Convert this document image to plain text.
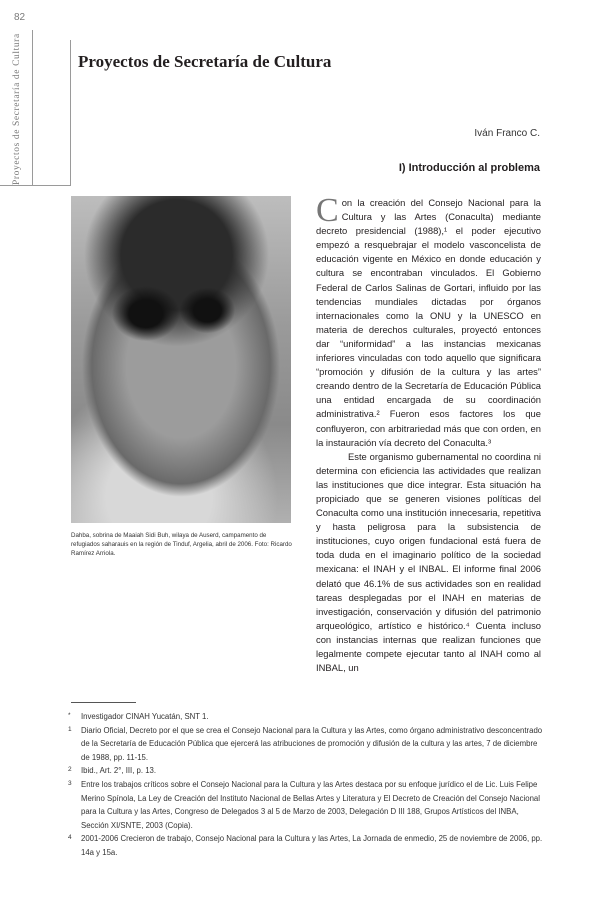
82
Proyectos de Secretaría de Cultura	Proyectos de Secretaría de Cultura
Iván Franco C.
I) Introducción al problema
Dahba, sobrina de Maaiah Sidi Buh, wilaya de Auserd, campamento de refugiados saharauis en la región de Tinduf, Argelia, abril de 2006. Foto: Ricardo Ramírez Arriola.

Con la creación del Consejo Nacional para la Cultura y las Artes (Conaculta) mediante decreto presidencial (1988),¹ el poder ejecutivo empezó a resquebrajar el modelo vasconcelista de educación vigente en México en donde educación y cultura se encontraban vinculados. El Gobierno Federal de Carlos Salinas de Gortari, influido por las tendencias mundiales dictadas por órganos internacionales como la ONU y la UNESCO en materia de derechos culturales, proyectó entonces dar “uniformidad” a las instancias mexicanas inferiores vinculadas con todo aquello que significara “promoción y difusión de la cultura y las artes” creando dentro de la Secretaría de Educación Pública una entidad encargada de su coordinación administrativa.² Fueron esos factores los que confluyeron, con arbitrariedad más que con orden, en la instauración vía decreto del Conaculta.³

Este organismo gubernamental no coordina ni determina con eficiencia las actividades que realizan las instituciones que dice integrar. Esta situación ha propiciado que se generen visiones políticas del Conaculta como una institución innecesaria, repetitiva y hasta peligrosa para la subsistencia de instituciones, cuyo origen fundacional está fuera de toda duda en el imaginario político de la sociedad mexicana: el INAH y el INBAL. El informe final 2006 delató que 46.1% de sus actividades son en realidad tareas desplegadas por el INAH en materias de investigación, conservación y difusión del patrimonio arqueológico, artístico e histórico.⁴ Cuenta incluso con instancias internas que realizan funciones que legalmente compete ejecutar tanto al INAH como al INBAL, un

* Investigador CINAH Yucatán, SNT 1.
1 Diario Oficial, Decreto por el que se crea el Consejo Nacional para la Cultura y las Artes, como órgano administrativo desconcentrado de la Secretaría de Educación Pública que ejercerá las atribuciones de promoción y difusión de la cultura y las artes, 7 de diciembre de 1988, pp. 11-15.
2 Ibid., Art. 2°, III, p. 13.
3 Entre los trabajos críticos sobre el Consejo Nacional para la Cultura y las Artes destaca por su enfoque jurídico el de Lic. Luis Felipe Merino Spínola, La Ley de Creación del Instituto Nacional de Bellas Artes y Literatura y El Decreto de Creación del Consejo Nacional para la Cultura y las Artes, Congreso de Delegados 3 al 5 de Marzo de 2003, Delegación D III 188, Grupos Artísticos del INBA, Sección XI/SNTE, 2003 (Copia).
4 2001-2006 Crecieron de trabajo, Consejo Nacional para la Cultura y las Artes, La Jornada de enmedio, 25 de noviembre de 2006, pp. 14a y 15a.
